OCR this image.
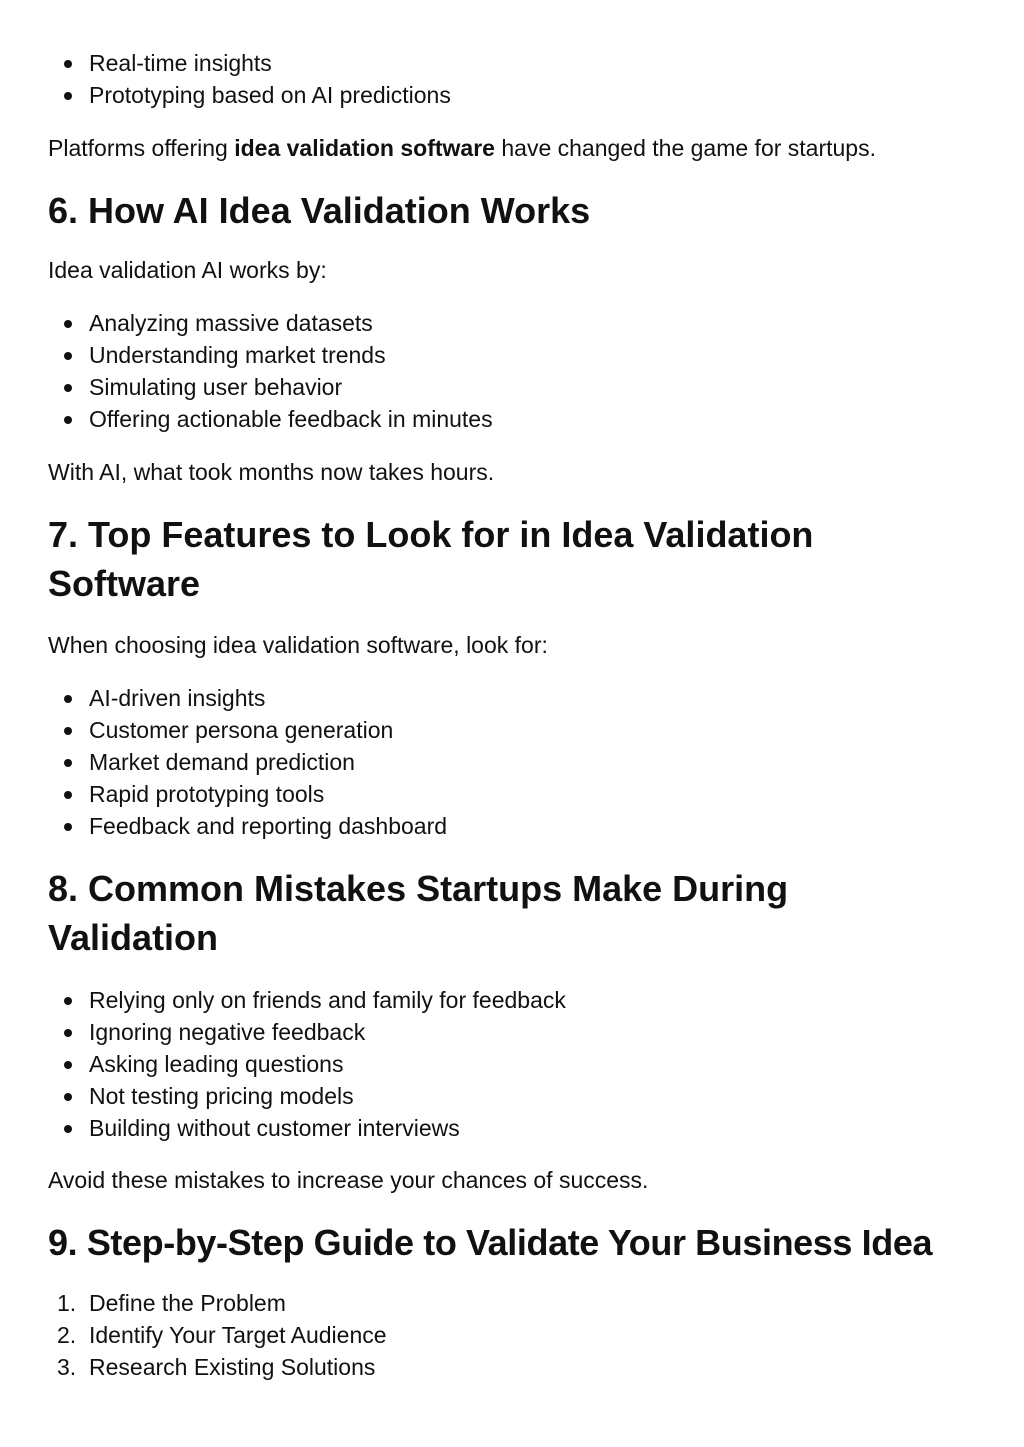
Real-time insights
Prototyping based on AI predictions

Platforms offering idea validation software have changed the game for startups.

6. How AI Idea Validation Works

Idea validation AI works by:

Analyzing massive datasets
Understanding market trends
Simulating user behavior
Offering actionable feedback in minutes

With AI, what took months now takes hours.

7. Top Features to Look for in Idea Validation Software

When choosing idea validation software, look for:

AI-driven insights
Customer persona generation
Market demand prediction
Rapid prototyping tools
Feedback and reporting dashboard
8. Common Mistakes Startups Make During Validation
Relying only on friends and family for feedback
Ignoring negative feedback
Asking leading questions
Not testing pricing models
Building without customer interviews

Avoid these mistakes to increase your chances of success.

9. Step-by-Step Guide to Validate Your Business Idea
1. Define the Problem
2. Identify Your Target Audience
3. Research Existing Solutions
